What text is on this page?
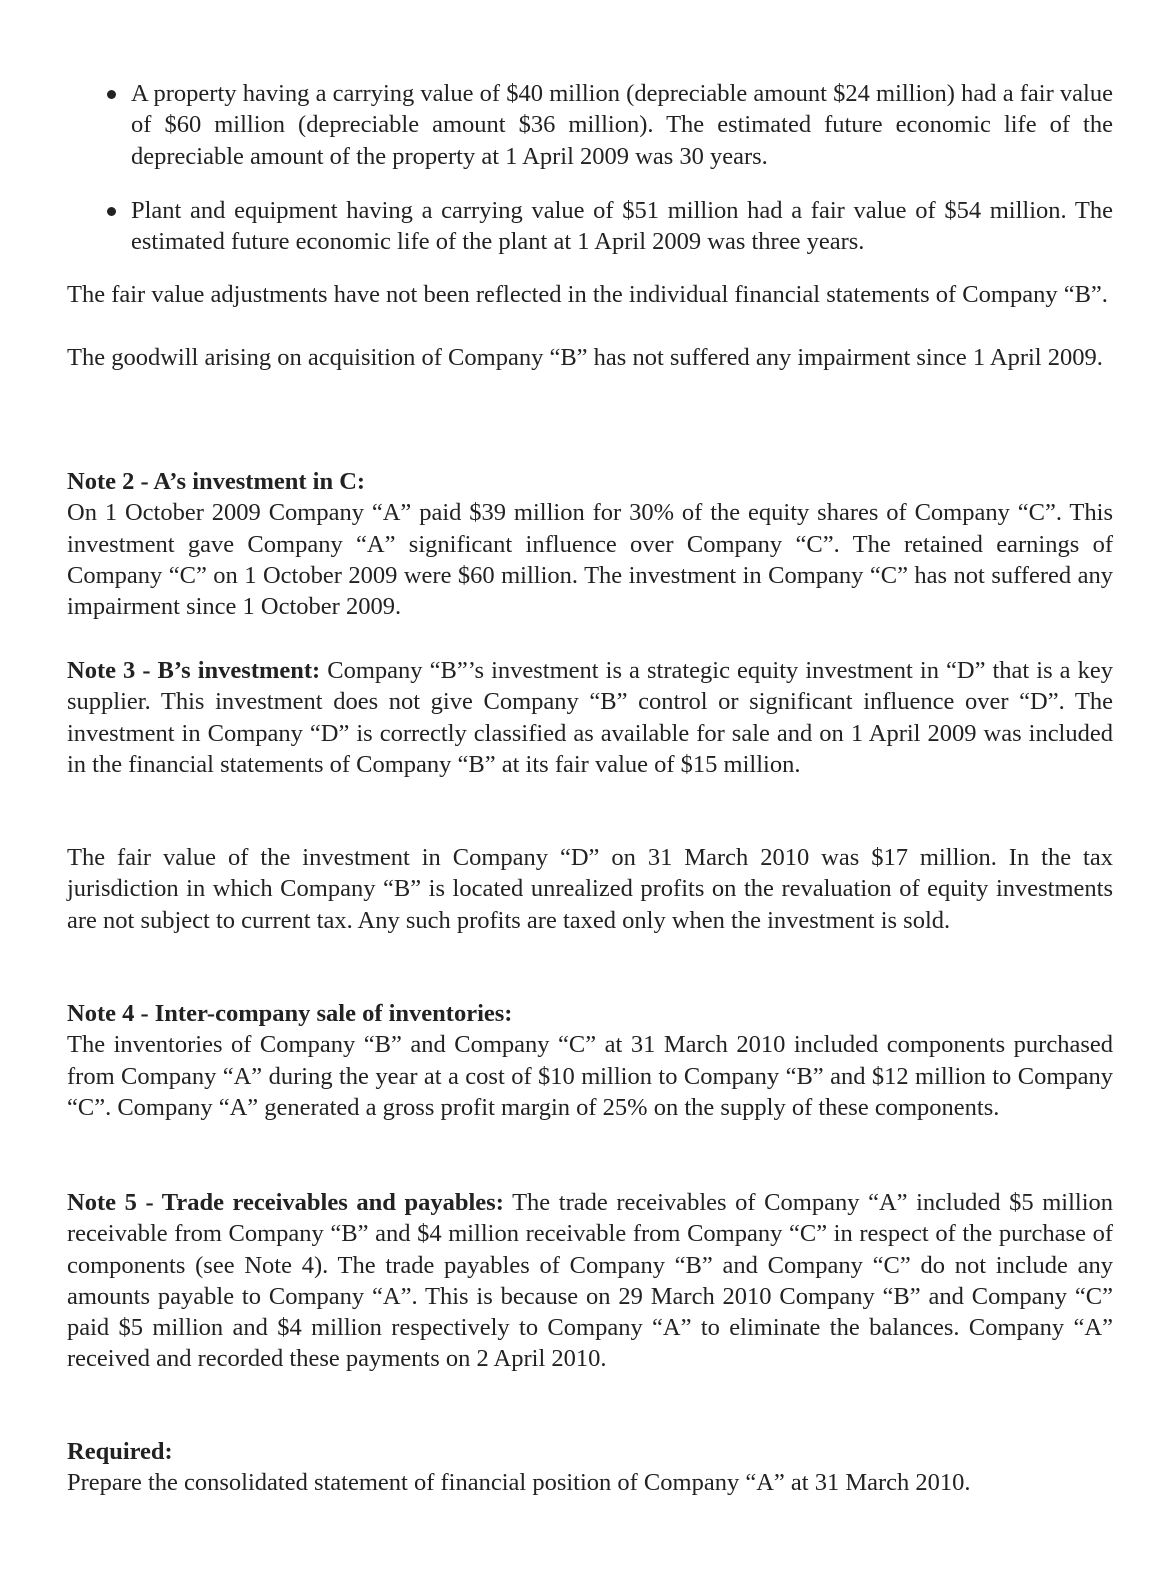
A property having a carrying value of $40 million (depreciable amount $24 million) had a fair value of $60 million (depreciable amount $36 million). The estimated future economic life of the depreciable amount of the property at 1 April 2009 was 30 years.

Plant and equipment having a carrying value of $51 million had a fair value of $54 million. The estimated future economic life of the plant at 1 April 2009 was three years.

The fair value adjustments have not been reflected in the individual financial statements of Company “B”.

The goodwill arising on acquisition of Company “B” has not suffered any impairment since 1 April 2009.

Note 2 - A’s investment in C:

On 1 October 2009 Company “A” paid $39 million for 30% of the equity shares of Company “C”. This investment gave Company “A” significant influence over Company “C”. The retained earnings of Company “C” on 1 October 2009 were $60 million. The investment in Company “C” has not suffered any impairment since 1 October 2009.

Note 3 - B’s investment: Company “B”’s investment is a strategic equity investment in “D” that is a key supplier. This investment does not give Company “B” control or significant influence over “D”. The investment in Company “D” is correctly classified as available for sale and on 1 April 2009 was included in the financial statements of Company “B” at its fair value of $15 million.

The fair value of the investment in Company “D” on 31 March 2010 was $17 million. In the tax jurisdiction in which Company “B” is located unrealized profits on the revaluation of equity investments are not subject to current tax. Any such profits are taxed only when the investment is sold.

Note 4 - Inter-company sale of inventories:

The inventories of Company “B” and Company “C” at 31 March 2010 included components purchased from Company “A” during the year at a cost of $10 million to Company “B” and $12 million to Company “C”. Company “A” generated a gross profit margin of 25% on the supply of these components.

Note 5 - Trade receivables and payables: The trade receivables of Company “A” included $5 million receivable from Company “B” and $4 million receivable from Company “C” in respect of the purchase of components (see Note 4). The trade payables of Company “B” and Company “C” do not include any amounts payable to Company “A”. This is because on 29 March 2010 Company “B” and Company “C” paid $5 million and $4 million respectively to Company “A” to eliminate the balances. Company “A” received and recorded these payments on 2 April 2010.

Required:

Prepare the consolidated statement of financial position of Company “A” at 31 March 2010.
